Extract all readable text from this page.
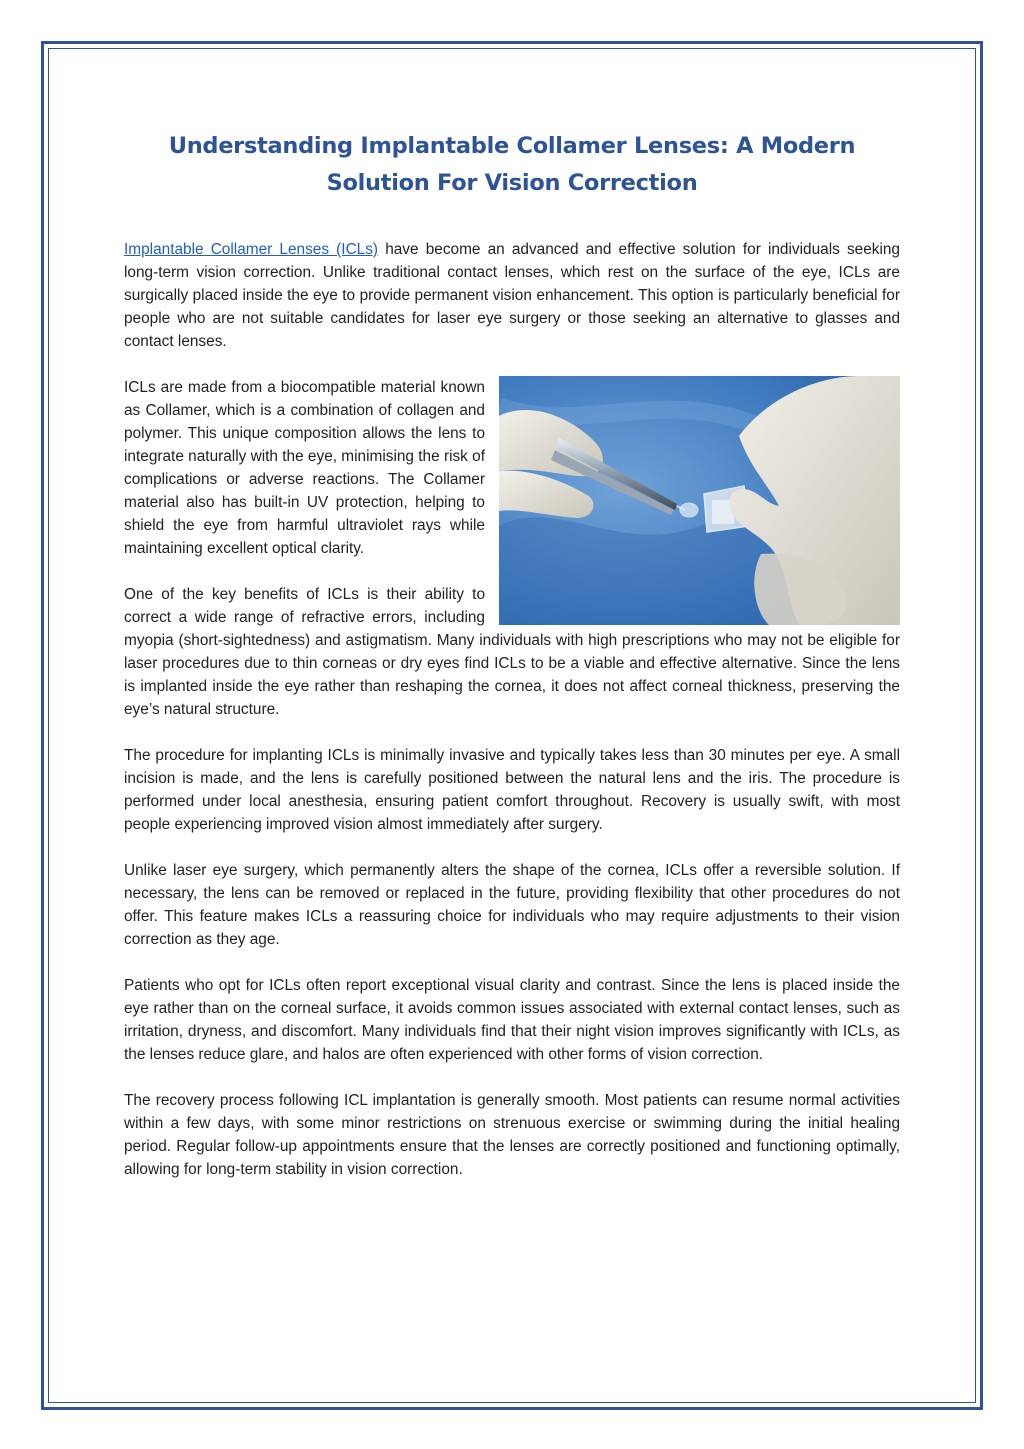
Understanding Implantable Collamer Lenses: A Modern
Solution For Vision Correction

Implantable Collamer Lenses (ICLs) have become an advanced and effective solution for individuals seeking long-term vision correction. Unlike traditional contact lenses, which rest on the surface of the eye, ICLs are surgically placed inside the eye to provide permanent vision enhancement. This option is particularly beneficial for people who are not suitable candidates for laser eye surgery or those seeking an alternative to glasses and contact lenses.

ICLs are made from a biocompatible material known as Collamer, which is a combination of collagen and polymer. This unique composition allows the lens to integrate naturally with the eye, minimising the risk of complications or adverse reactions. The Collamer material also has built-in UV protection, helping to shield the eye from harmful ultraviolet rays while maintaining excellent optical clarity.

One of the key benefits of ICLs is their ability to correct a wide range of refractive errors, including myopia (short-sightedness) and astigmatism. Many individuals with high prescriptions who may not be eligible for laser procedures due to thin corneas or dry eyes find ICLs to be a viable and effective alternative. Since the lens is implanted inside the eye rather than reshaping the cornea, it does not affect corneal thickness, preserving the eye’s natural structure.

The procedure for implanting ICLs is minimally invasive and typically takes less than 30 minutes per eye. A small incision is made, and the lens is carefully positioned between the natural lens and the iris. The procedure is performed under local anesthesia, ensuring patient comfort throughout. Recovery is usually swift, with most people experiencing improved vision almost immediately after surgery.

Unlike laser eye surgery, which permanently alters the shape of the cornea, ICLs offer a reversible solution. If necessary, the lens can be removed or replaced in the future, providing flexibility that other procedures do not offer. This feature makes ICLs a reassuring choice for individuals who may require adjustments to their vision correction as they age.

Patients who opt for ICLs often report exceptional visual clarity and contrast. Since the lens is placed inside the eye rather than on the corneal surface, it avoids common issues associated with external contact lenses, such as irritation, dryness, and discomfort. Many individuals find that their night vision improves significantly with ICLs, as the lenses reduce glare, and halos are often experienced with other forms of vision correction.

The recovery process following ICL implantation is generally smooth. Most patients can resume normal activities within a few days, with some minor restrictions on strenuous exercise or swimming during the initial healing period. Regular follow-up appointments ensure that the lenses are correctly positioned and functioning optimally, allowing for long-term stability in vision correction.
